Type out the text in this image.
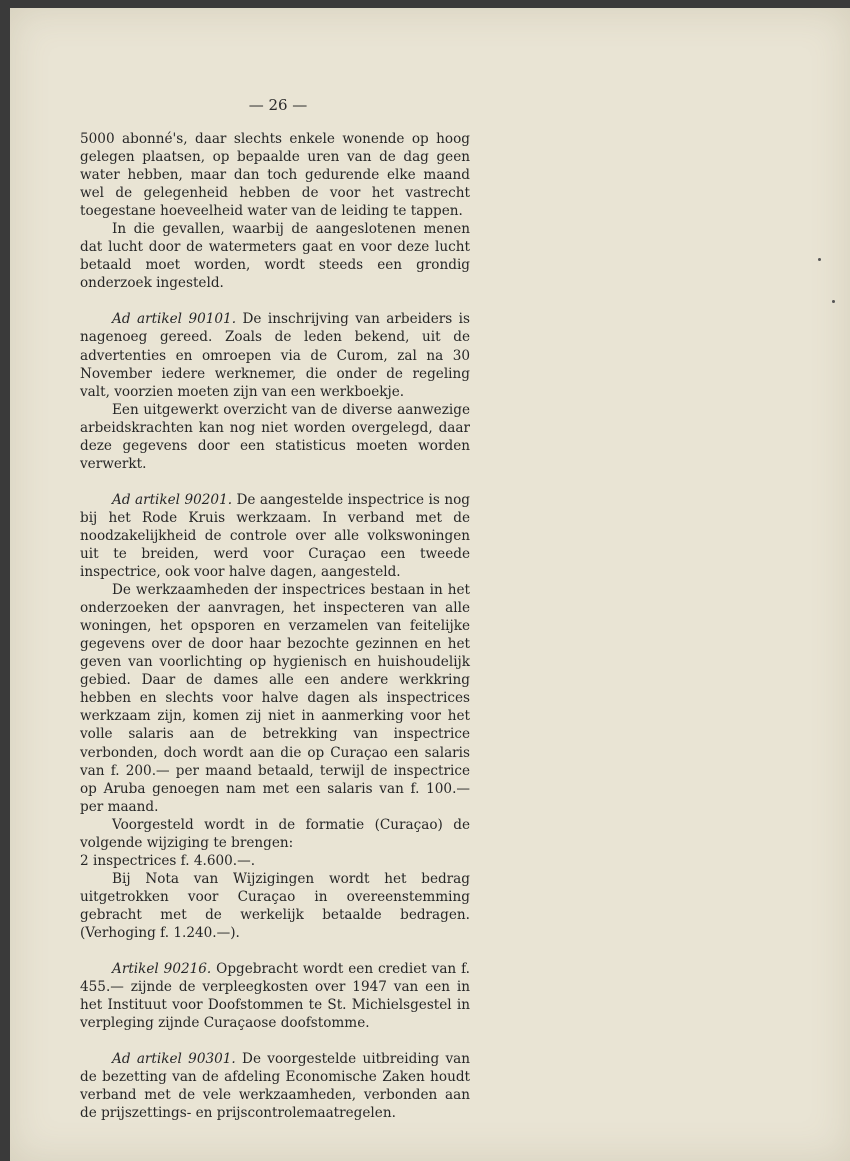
— 26 —

5000 abonné's, daar slechts enkele wonende op hoog gelegen plaatsen, op bepaalde uren van de dag geen water hebben, maar dan toch gedurende elke maand wel de gelegenheid hebben de voor het vastrecht toegestane hoeveelheid water van de leiding te tappen.

In die gevallen, waarbij de aangeslotenen menen dat lucht door de watermeters gaat en voor deze lucht betaald moet worden, wordt steeds een grondig onderzoek ingesteld.

Ad artikel 90101. De inschrijving van arbeiders is nagenoeg gereed. Zoals de leden bekend, uit de advertenties en omroepen via de Curom, zal na 30 November iedere werknemer, die onder de regeling valt, voorzien moeten zijn van een werkboekje.

Een uitgewerkt overzicht van de diverse aanwezige arbeidskrachten kan nog niet worden overgelegd, daar deze gegevens door een statisticus moeten worden verwerkt.

Ad artikel 90201. De aangestelde inspectrice is nog bij het Rode Kruis werkzaam. In verband met de noodzakelijkheid de controle over alle volkswoningen uit te breiden, werd voor Curaçao een tweede inspectrice, ook voor halve dagen, aangesteld.

De werkzaamheden der inspectrices bestaan in het onderzoeken der aanvragen, het inspecteren van alle woningen, het opsporen en verzamelen van feitelijke gegevens over de door haar bezochte gezinnen en het geven van voorlichting op hygienisch en huishoudelijk gebied. Daar de dames alle een andere werkkring hebben en slechts voor halve dagen als inspectrices werkzaam zijn, komen zij niet in aanmerking voor het volle salaris aan de betrekking van inspectrice verbonden, doch wordt aan die op Curaçao een salaris van f. 200.— per maand betaald, terwijl de inspectrice op Aruba genoegen nam met een salaris van f. 100.— per maand.

Voorgesteld wordt in de formatie (Curaçao) de volgende wijziging te brengen:

2 inspectrices f. 4.600.—.

Bij Nota van Wijzigingen wordt het bedrag uitgetrokken voor Curaçao in overeenstemming gebracht met de werkelijk betaalde bedragen. (Verhoging f. 1.240.—).

Artikel 90216. Opgebracht wordt een crediet van f. 455.— zijnde de verpleegkosten over 1947 van een in het Instituut voor Doofstommen te St. Michielsgestel in verpleging zijnde Curaçaose doofstomme.

Ad artikel 90301. De voorgestelde uitbreiding van de bezetting van de afdeling Economische Zaken houdt verband met de vele werkzaamheden, verbonden aan de prijszettings- en prijscontrolemaatregelen.
